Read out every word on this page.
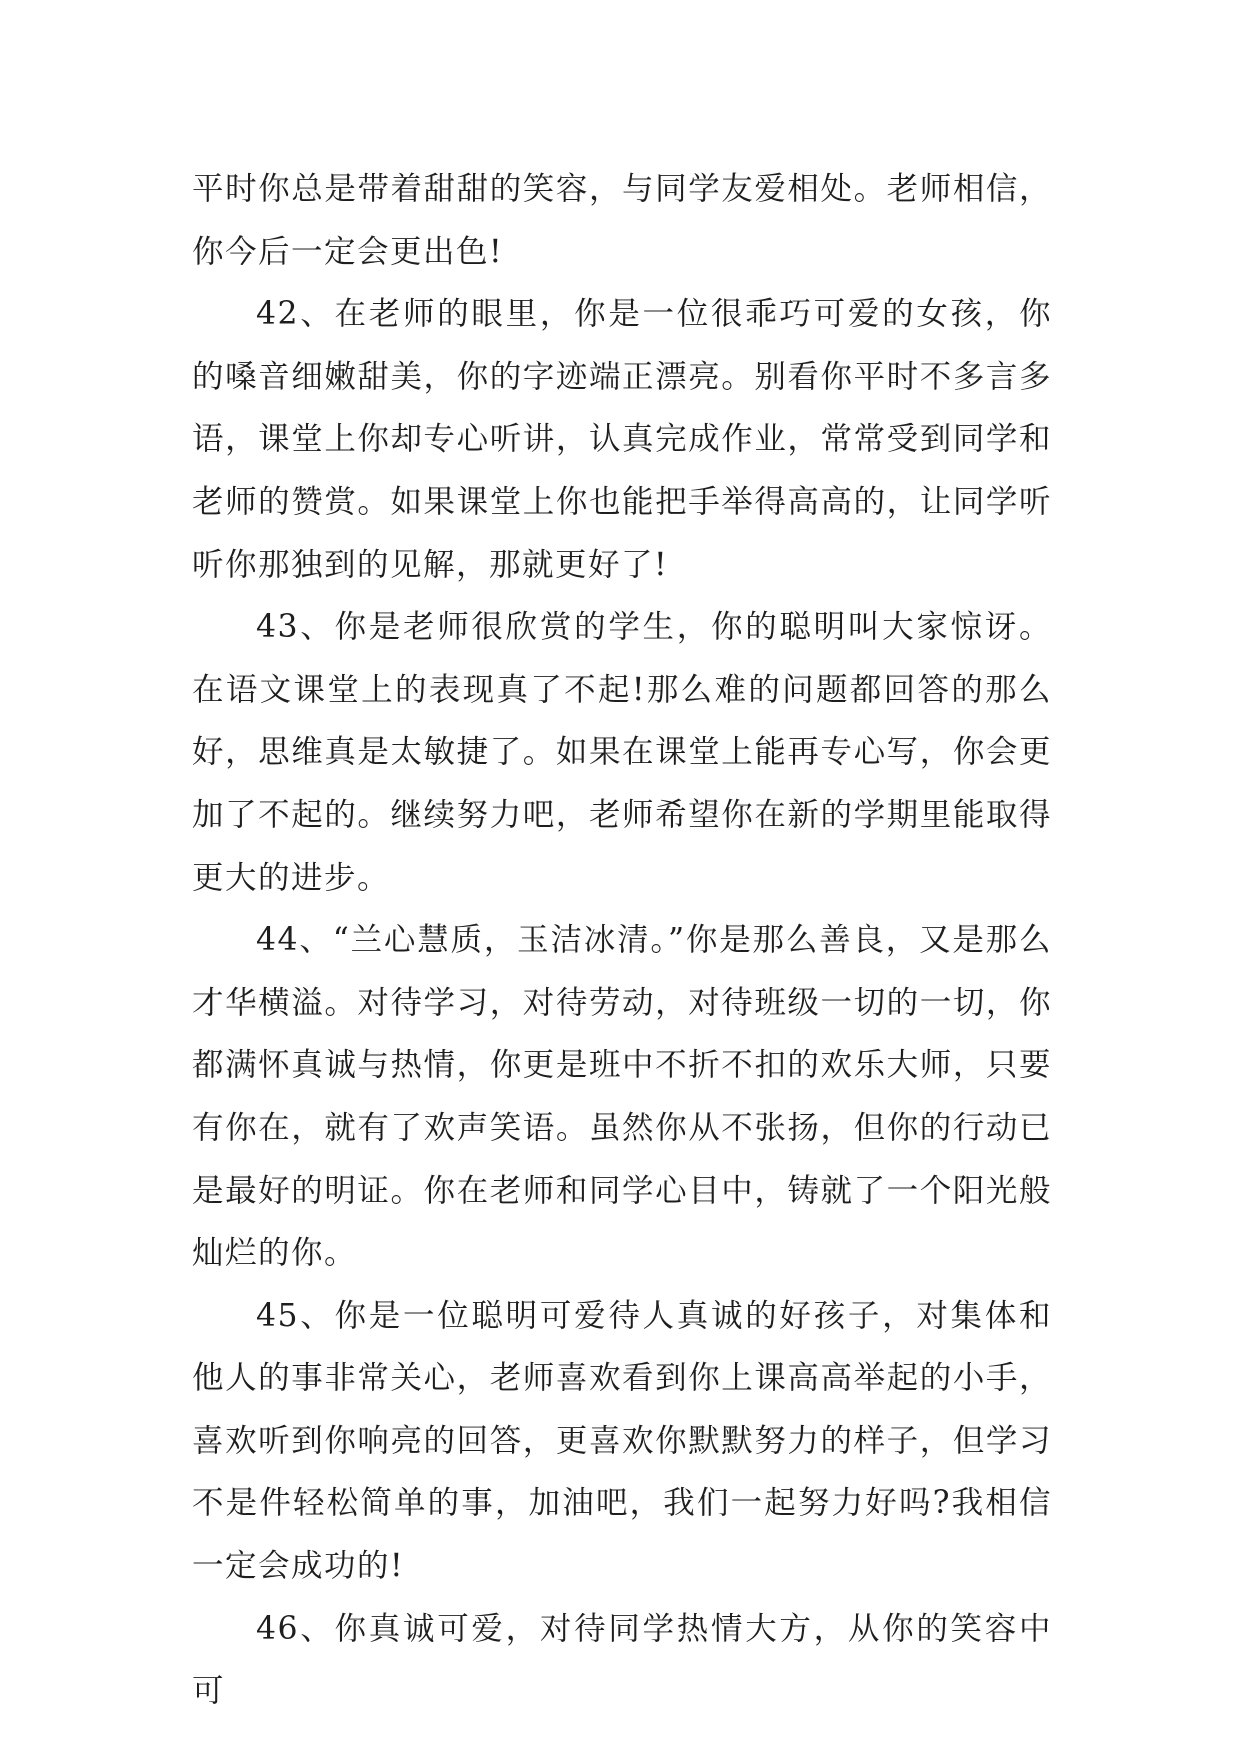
平时你总是带着甜甜的笑容，与同学友爱相处。老师相信，你今后一定会更出色!

42、在老师的眼里，你是一位很乖巧可爱的女孩，你的嗓音细嫩甜美，你的字迹端正漂亮。别看你平时不多言多语，课堂上你却专心听讲，认真完成作业，常常受到同学和老师的赞赏。如果课堂上你也能把手举得高高的，让同学听听你那独到的见解，那就更好了!

43、你是老师很欣赏的学生，你的聪明叫大家惊讶。在语文课堂上的表现真了不起!那么难的问题都回答的那么好，思维真是太敏捷了。如果在课堂上能再专心写，你会更加了不起的。继续努力吧，老师希望你在新的学期里能取得更大的进步。

44、“兰心慧质，玉洁冰清。”你是那么善良，又是那么才华横溢。对待学习，对待劳动，对待班级一切的一切，你都满怀真诚与热情，你更是班中不折不扣的欢乐大师，只要有你在，就有了欢声笑语。虽然你从不张扬，但你的行动已是最好的明证。你在老师和同学心目中，铸就了一个阳光般灿烂的你。

45、你是一位聪明可爱待人真诚的好孩子，对集体和他人的事非常关心，老师喜欢看到你上课高高举起的小手，喜欢听到你响亮的回答，更喜欢你默默努力的样子，但学习不是件轻松简单的事，加油吧，我们一起努力好吗?我相信一定会成功的!

46、你真诚可爱，对待同学热情大方，从你的笑容中可
